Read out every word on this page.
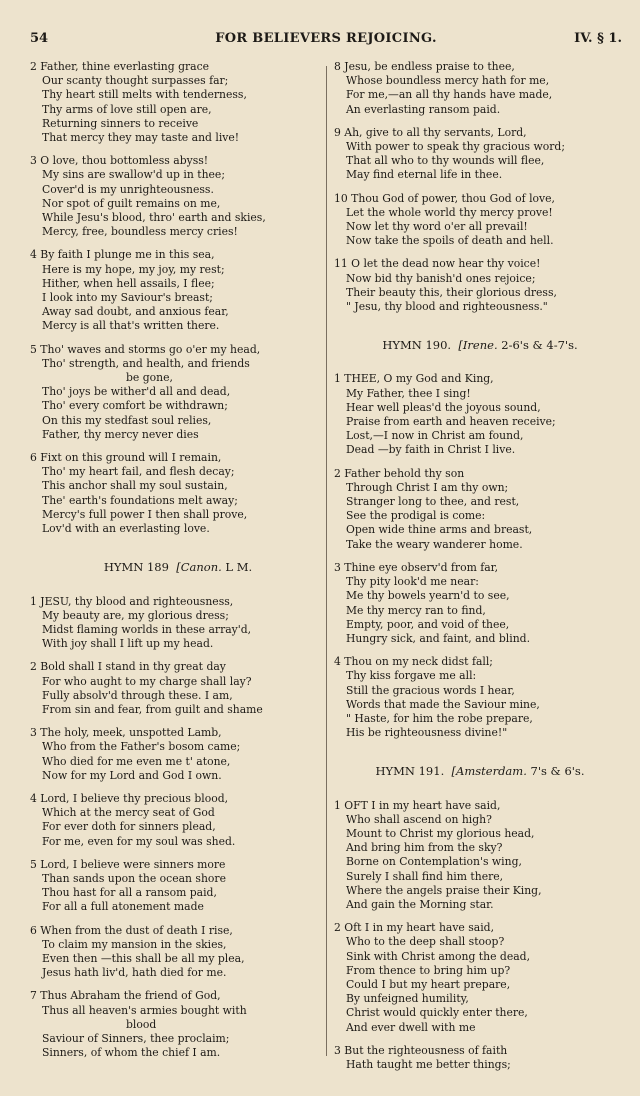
54	FOR BELIEVERS REJOICING.	IV. § 1.
2 Father, thine everlasting grace
Our scanty thought surpasses far;
Thy heart still melts with tenderness,
Thy arms of love still open are,
Returning sinners to receive
That mercy they may taste and live!
3 O love, thou bottomless abyss!
My sins are swallow'd up in thee;
Cover'd is my unrighteousness.
Nor spot of guilt remains on me,
While Jesu's blood, thro' earth and skies,
Mercy, free, boundless mercy cries!
4 By faith I plunge me in this sea,
Here is my hope, my joy, my rest;
Hither, when hell assails, I flee;
I look into my Saviour's breast;
Away sad doubt, and anxious fear,
Mercy is all that's written there.
5 Tho' waves and storms go o'er my head,
Tho' strength, and health, and friends
be gone,
Tho' joys be wither'd all and dead,
Tho' every comfort be withdrawn;
On this my stedfast soul relies,
Father, thy mercy never dies
6 Fixt on this ground will I remain,
Tho' my heart fail, and flesh decay;
This anchor shall my soul sustain,
The' earth's foundations melt away;
Mercy's full power I then shall prove,
Lov'd with an everlasting love.
HYMN 189 [Canon. L M.
1 JESU, thy blood and righteousness,
My beauty are, my glorious dress;
Midst flaming worlds in these array'd,
With joy shall I lift up my head.
2 Bold shall I stand in thy great day
For who aught to my charge shall lay?
Fully absolv'd through these. I am,
From sin and fear, from guilt and shame
3 The holy, meek, unspotted Lamb,
Who from the Father's bosom came;
Who died for me even me t' atone,
Now for my Lord and God I own.
4 Lord, I believe thy precious blood,
Which at the mercy seat of God
For ever doth for sinners plead,
For me, even for my soul was shed.
5 Lord, I believe were sinners more
Than sands upon the ocean shore
Thou hast for all a ransom paid,
For all a full atonement made
6 When from the dust of death I rise,
To claim my mansion in the skies,
Even then —this shall be all my plea,
Jesus hath liv'd, hath died for me.
7 Thus Abraham the friend of God,
Thus all heaven's armies bought with
blood
Saviour of Sinners, thee proclaim;
Sinners, of whom the chief I am.
8 Jesu, be endless praise to thee,
Whose boundless mercy hath for me,
For me,—an all thy hands have made,
An everlasting ransom paid.
9 Ah, give to all thy servants, Lord,
With power to speak thy gracious word;
That all who to thy wounds will flee,
May find eternal life in thee.
10 Thou God of power, thou God of love,
Let the whole world thy mercy prove!
Now let thy word o'er all prevail!
Now take the spoils of death and hell.
11 O let the dead now hear thy voice!
Now bid thy banish'd ones rejoice;
Their beauty this, their glorious dress,
" Jesu, thy blood and righteousness."
HYMN 190. [Irene. 2-6's & 4-7's.
1 THEE, O my God and King,
My Father, thee I sing!
Hear well pleas'd the joyous sound,
Praise from earth and heaven receive;
Lost,—I now in Christ am found,
Dead —by faith in Christ I live.
2 Father behold thy son
Through Christ I am thy own;
Stranger long to thee, and rest,
See the prodigal is come:
Open wide thine arms and breast,
Take the weary wanderer home.
3 Thine eye observ'd from far,
Thy pity look'd me near:
Me thy bowels yearn'd to see,
Me thy mercy ran to find,
Empty, poor, and void of thee,
Hungry sick, and faint, and blind.
4 Thou on my neck didst fall;
Thy kiss forgave me all:
Still the gracious words I hear,
Words that made the Saviour mine,
" Haste, for him the robe prepare,
His be righteousness divine!"
HYMN 191. [Amsterdam. 7's & 6's.
1 OFT I in my heart have said,
Who shall ascend on high?
Mount to Christ my glorious head,
And bring him from the sky?
Borne on Contemplation's wing,
Surely I shall find him there,
Where the angels praise their King,
And gain the Morning star.
2 Oft I in my heart have said,
Who to the deep shall stoop?
Sink with Christ among the dead,
From thence to bring him up?
Could I but my heart prepare,
By unfeigned humility,
Christ would quickly enter there,
And ever dwell with me
3 But the righteousness of faith
Hath taught me better things;
